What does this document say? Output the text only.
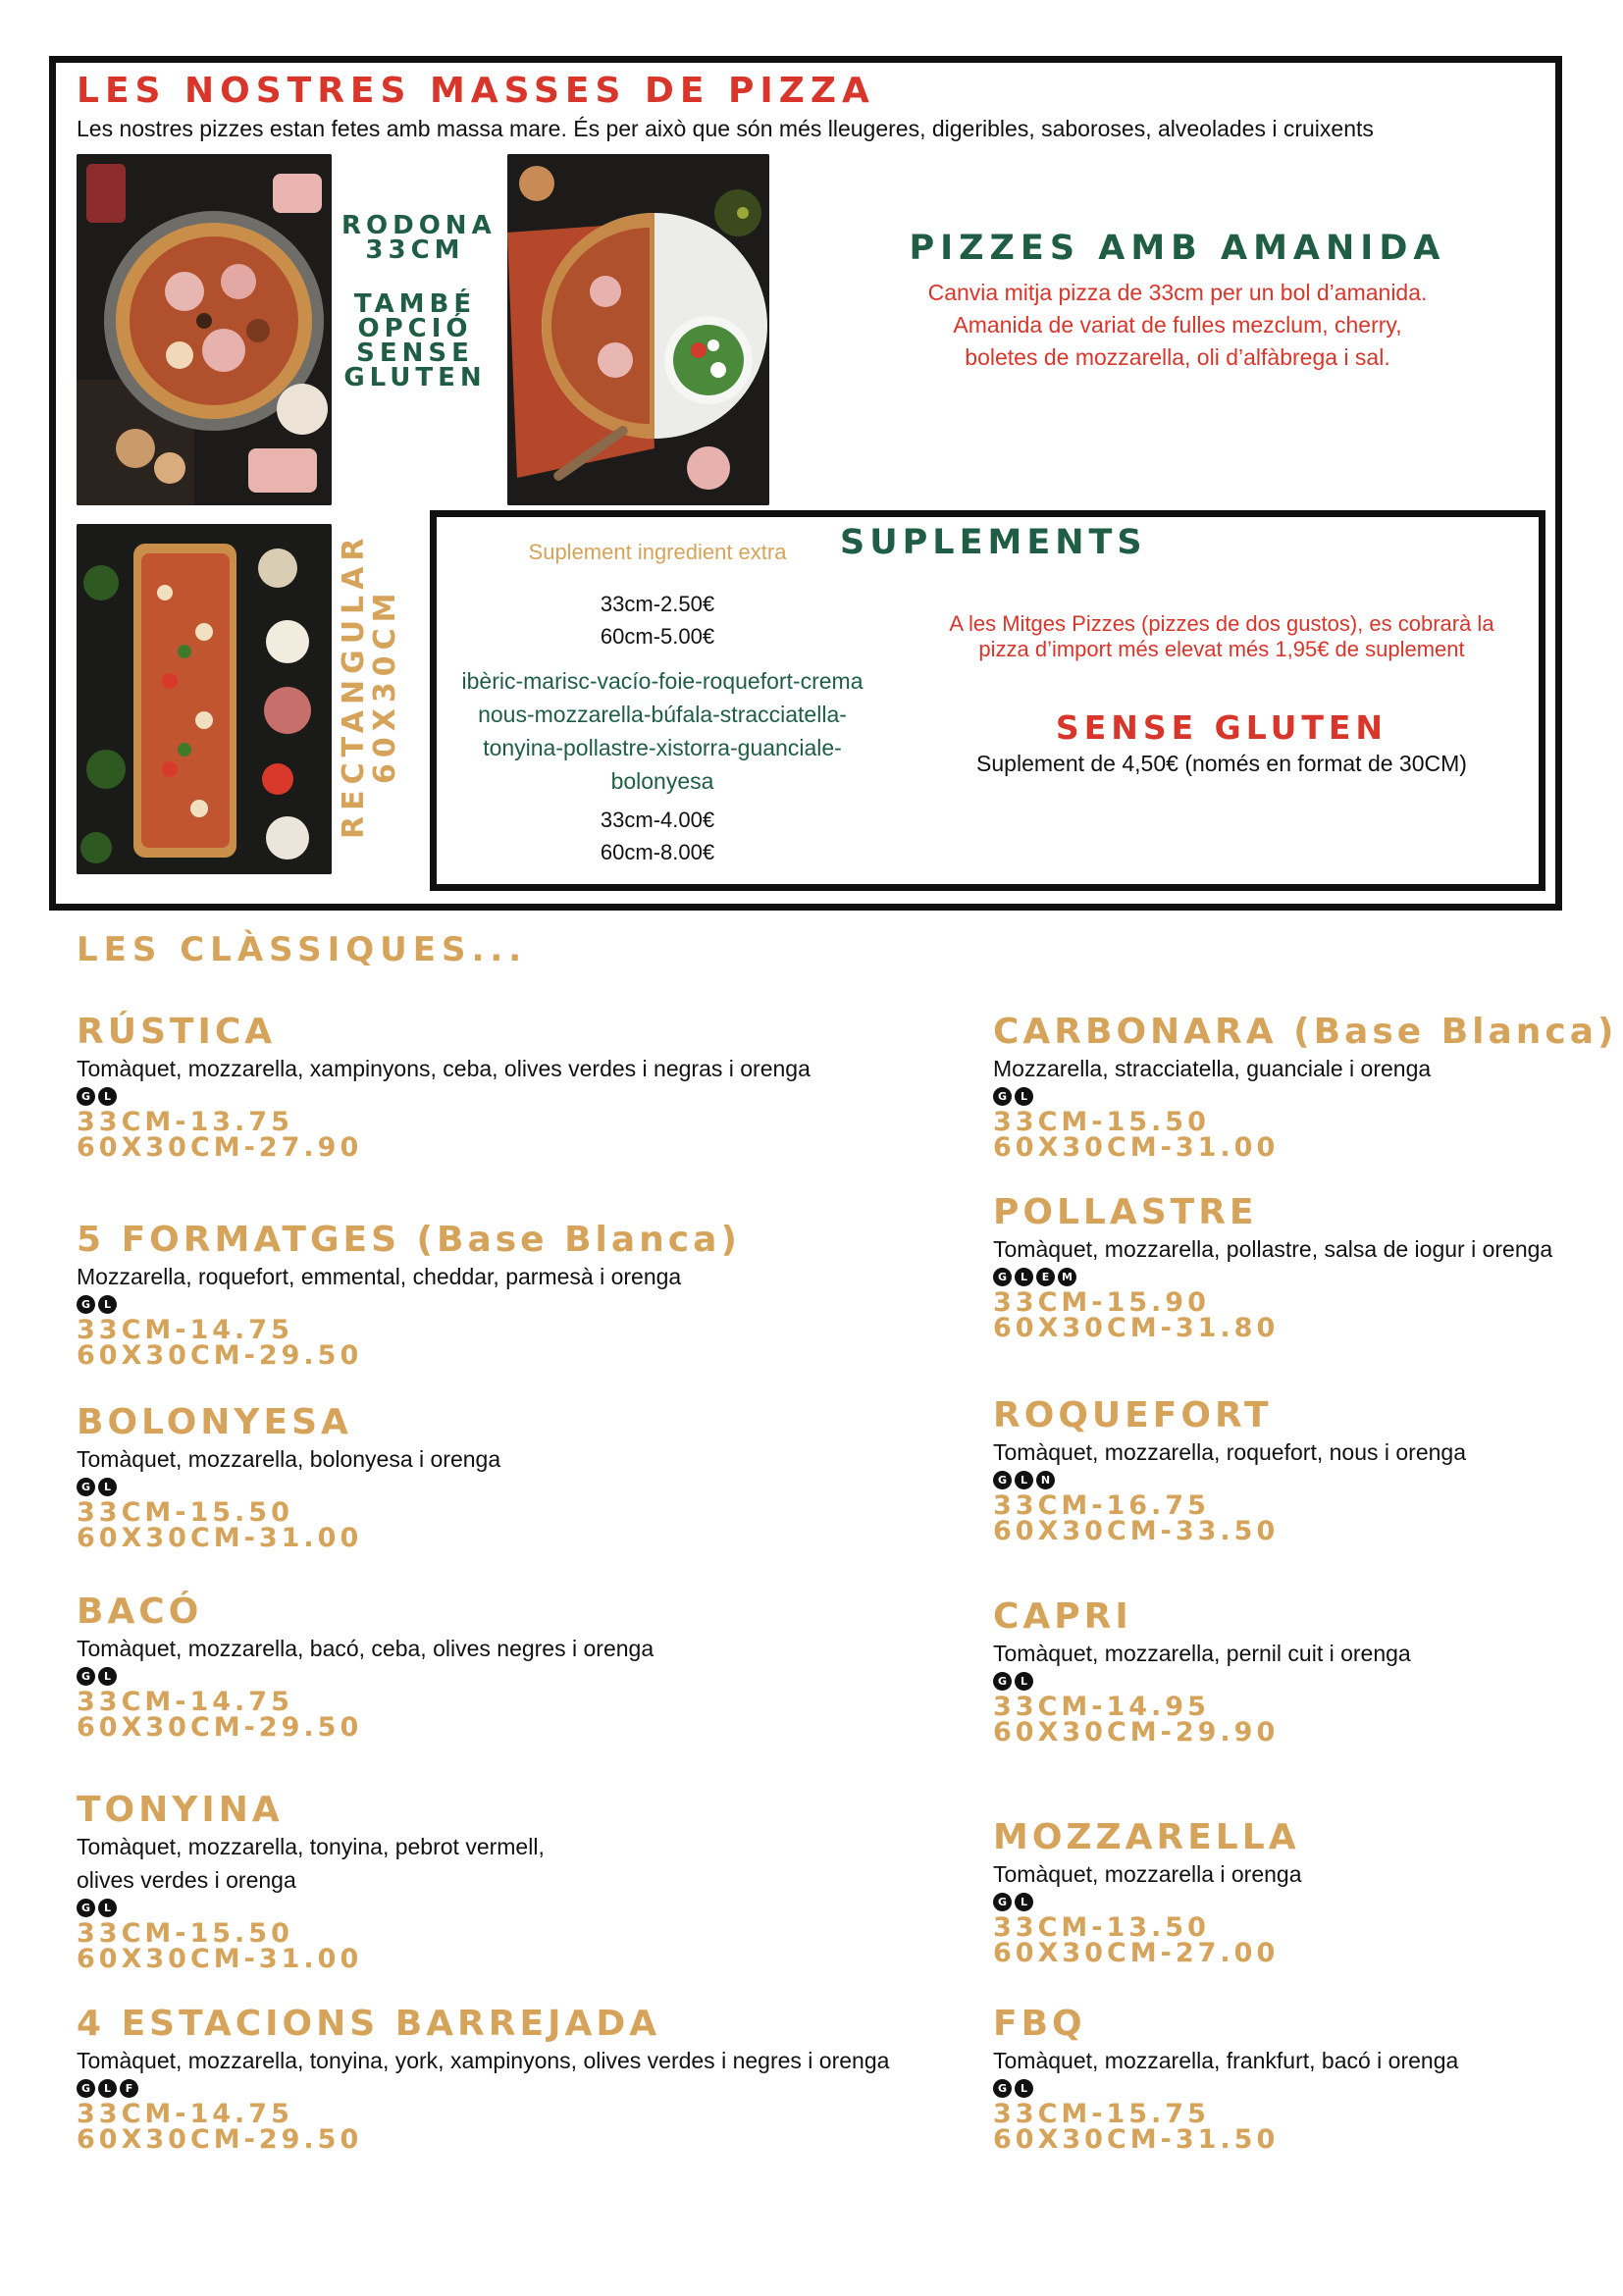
LES NOSTRES MASSES DE PIZZA
Les nostres pizzes estan fetes amb massa mare. És per això que són més lleugeres, digeribles, saboroses, alveolades i cruixents
RODONA
33CM
TAMBÉ
OPCIÓ
SENSE
GLUTEN
PIZZES AMB AMANIDA
Canvia mitja pizza de 33cm per un bol d’amanida.
Amanida de variat de fulles mezclum, cherry,
boletes de mozzarella, oli d’alfàbrega i sal.
RECTANGULAR
60X30CM
SUPLEMENTS
Suplement ingredient extra
33cm-2.50€
60cm-5.00€
ibèric-marisc-vacío-foie-roquefort-crema
nous-mozzarella-búfala-stracciatella-
tonyina-pollastre-xistorra-guanciale-
bolonyesa
33cm-4.00€
60cm-8.00€
A les Mitges Pizzes (pizzes de dos gustos), es cobrarà la pizza d’import més elevat més 1,95€ de suplement
SENSE GLUTEN
Suplement de 4,50€ (només en format de 30CM)
LES CLÀSSIQUES...
RÚSTICA
Tomàquet, mozzarella, xampinyons, ceba, olives verdes i negras i orenga
G	L
33CM-13.75
60X30CM-27.90
5 FORMATGES (Base Blanca)
Mozzarella, roquefort, emmental, cheddar, parmesà i orenga
G	L
33CM-14.75
60X30CM-29.50
BOLONYESA
Tomàquet, mozzarella, bolonyesa i orenga
G	L
33CM-15.50
60X30CM-31.00
BACÓ
Tomàquet, mozzarella, bacó, ceba, olives negres i orenga
G	L
33CM-14.75
60X30CM-29.50
TONYINA
Tomàquet, mozzarella, tonyina, pebrot vermell,
olives verdes i orenga
G	L
33CM-15.50
60X30CM-31.00
4 ESTACIONS BARREJADA
Tomàquet, mozzarella, tonyina, york, xampinyons, olives verdes i negres i orenga
G	L	F
33CM-14.75
60X30CM-29.50
CARBONARA (Base Blanca)
Mozzarella, stracciatella, guanciale i orenga
G	L
33CM-15.50
60X30CM-31.00
POLLASTRE
Tomàquet, mozzarella, pollastre, salsa de iogur i orenga
G	L	E	M
33CM-15.90
60X30CM-31.80
ROQUEFORT
Tomàquet, mozzarella, roquefort, nous i orenga
G	L	N
33CM-16.75
60X30CM-33.50
CAPRI
Tomàquet, mozzarella, pernil cuit i orenga
G	L
33CM-14.95
60X30CM-29.90
MOZZARELLA
Tomàquet, mozzarella i orenga
G	L
33CM-13.50
60X30CM-27.00
FBQ
Tomàquet, mozzarella, frankfurt, bacó i orenga
G	L
33CM-15.75
60X30CM-31.50
